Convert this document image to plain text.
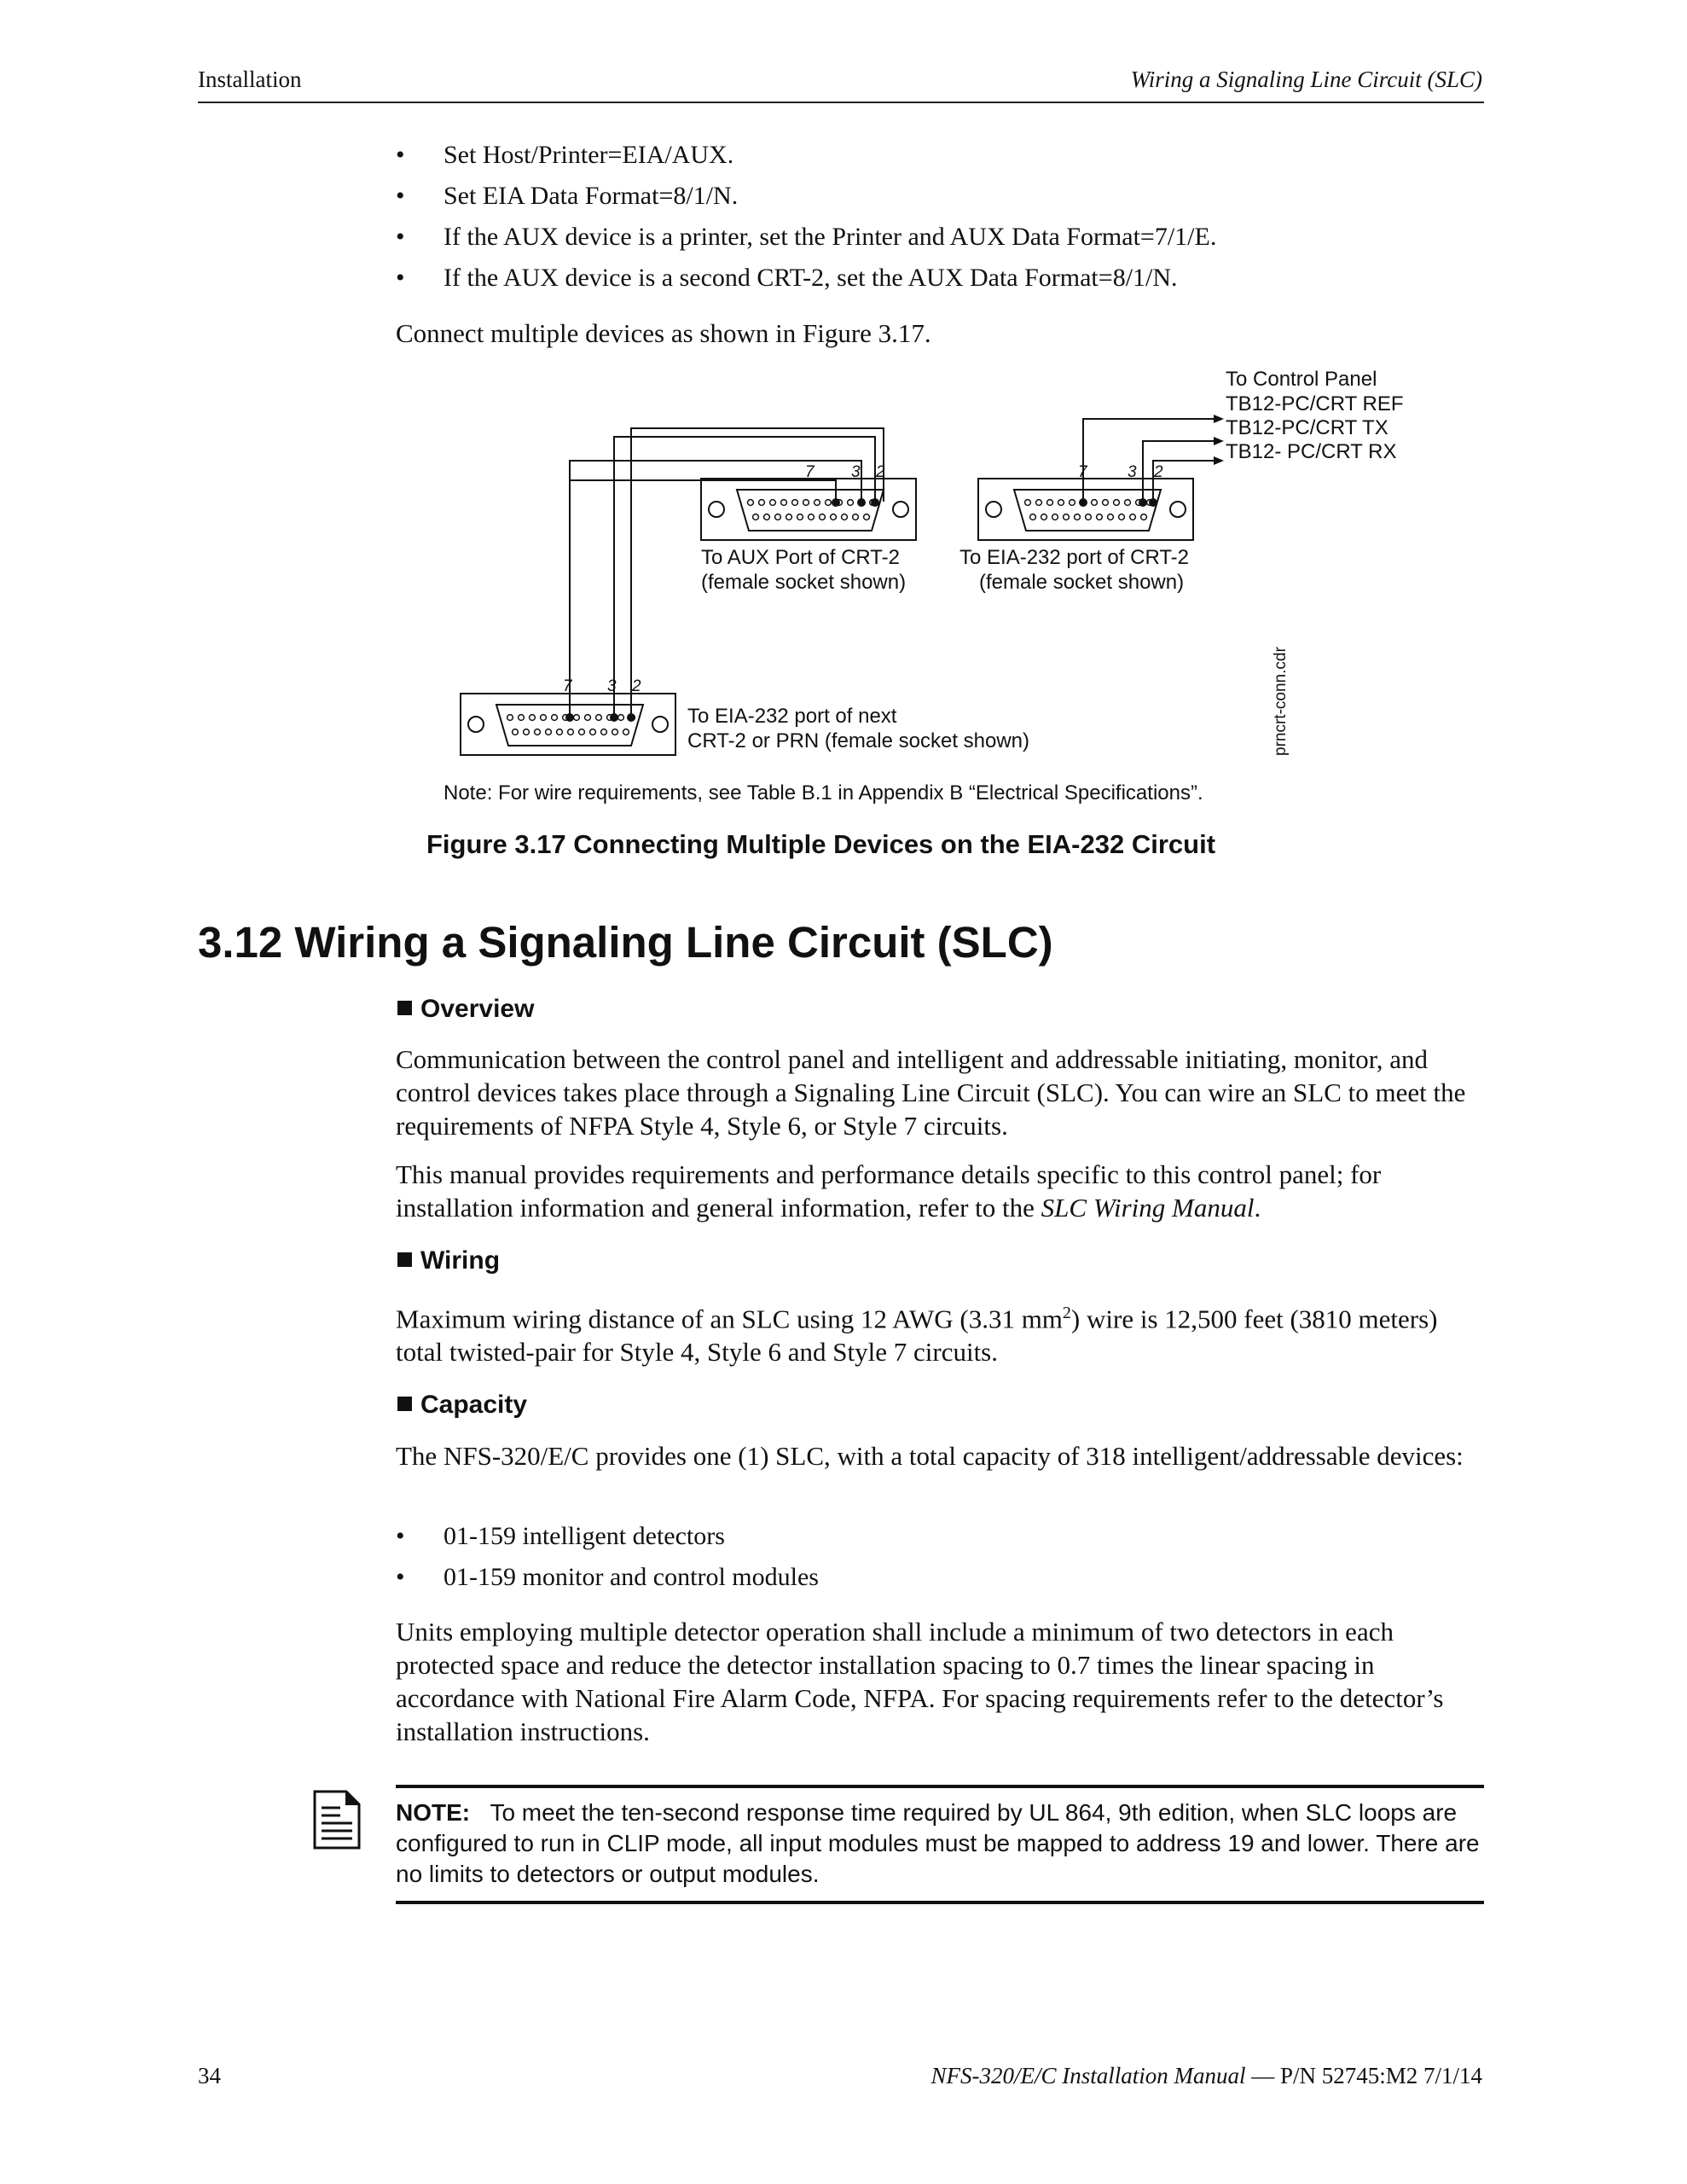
Installation	Wiring a Signaling Line Circuit (SLC)
• Set Host/Printer=EIA/AUX.
• Set EIA Data Format=8/1/N.
• If the AUX device is a printer, set the Printer and AUX Data Format=7/1/E.
• If the AUX device is a second CRT-2, set the AUX Data Format=8/1/N.
Connect multiple devices as shown in Figure 3.17.
To Control Panel
TB12-PC/CRT REF
TB12-PC/CRT TX
TB12- PC/CRT RX
7 3 2	7 3 2
To AUX Port of CRT-2
(female socket shown)
To EIA-232 port of CRT-2
(female socket shown)
7 3 2
To EIA-232 port of next
CRT-2 or PRN (female socket shown)	prncrt-conn.cdr
Note: For wire requirements, see Table B.1 in Appendix B “Electrical Specifications”.
Figure 3.17 Connecting Multiple Devices on the EIA-232 Circuit
3.12 Wiring a Signaling Line Circuit (SLC)
Overview
Communication between the control panel and intelligent and addressable initiating, monitor, and control devices takes place through a Signaling Line Circuit (SLC). You can wire an SLC to meet the requirements of NFPA Style 4, Style 6, or Style 7 circuits.
This manual provides requirements and performance details specific to this control panel; for installation information and general information, refer to the SLC Wiring Manual.
Wiring
Maximum wiring distance of an SLC using 12 AWG (3.31 $mm^2$) wire is 12,500 feet (3810 meters) total twisted-pair for Style 4, Style 6 and Style 7 circuits.
Capacity
The NFS-320/E/C provides one (1) SLC, with a total capacity of 318 intelligent/addressable devices:
• 01-159 intelligent detectors
• 01-159 monitor and control modules
Units employing multiple detector operation shall include a minimum of two detectors in each protected space and reduce the detector installation spacing to 0.7 times the linear spacing in accordance with National Fire Alarm Code, NFPA. For spacing requirements refer to the detector’s installation instructions.
NOTE: To meet the ten-second response time required by UL 864, 9th edition, when SLC loops are configured to run in CLIP mode, all input modules must be mapped to address 19 and lower. There are no limits to detectors or output modules.
34	NFS-320/E/C Installation Manual — P/N 52745:M2 7/1/14
